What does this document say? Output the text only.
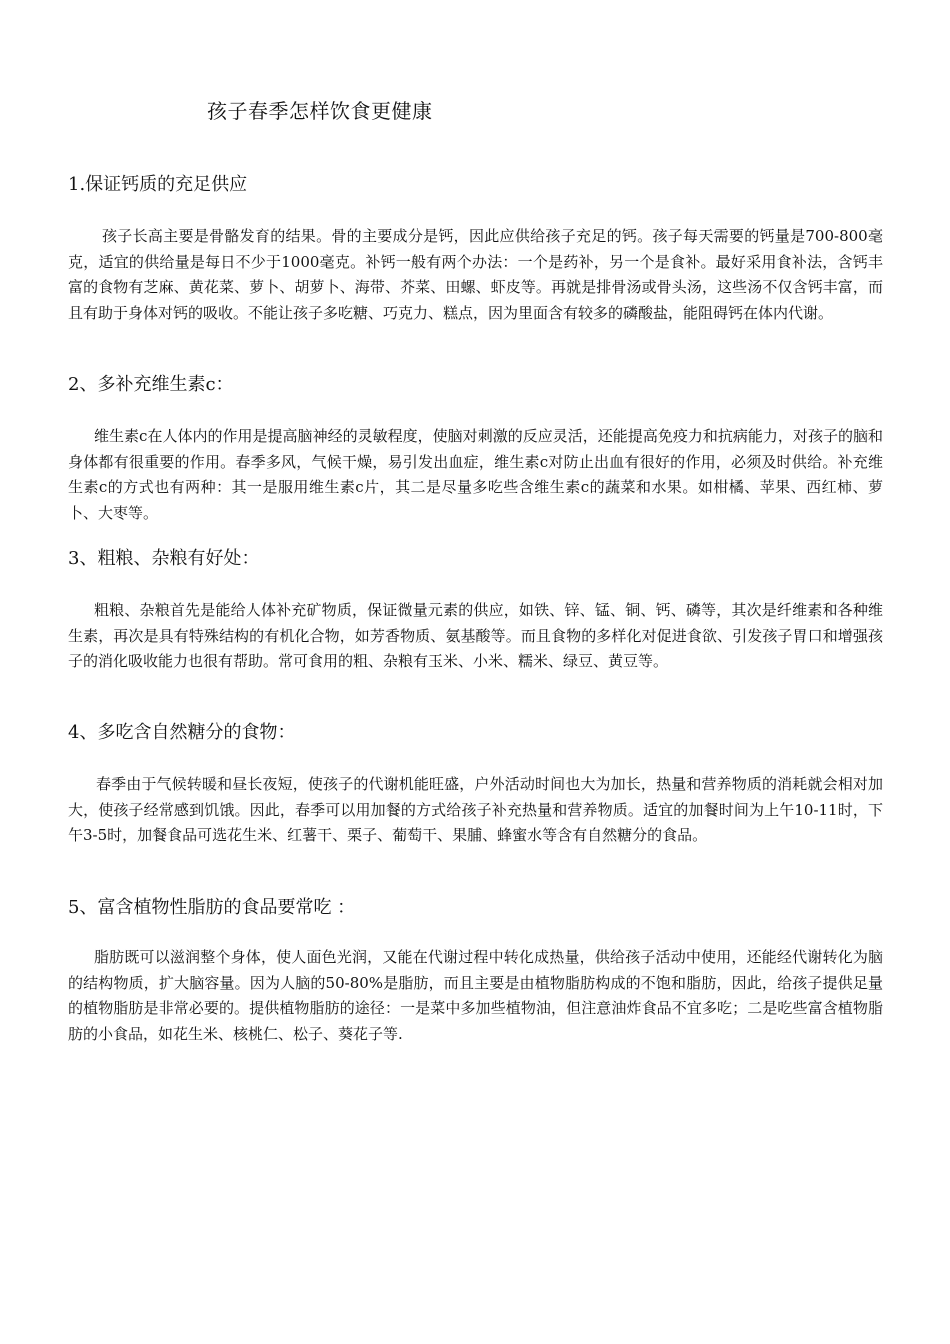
孩子春季怎样饮食更健康
1.保证钙质的充足供应

孩子长高主要是骨骼发育的结果。骨的主要成分是钙，因此应供给孩子充足的钙。孩子每天需要的钙量是700-800毫克，适宜的供给量是每日不少于1000毫克。补钙一般有两个办法：一个是药补，另一个是食补。最好采用食补法，含钙丰富的食物有芝麻、黄花菜、萝卜、胡萝卜、海带、芥菜、田螺、虾皮等。再就是排骨汤或骨头汤，这些汤不仅含钙丰富，而且有助于身体对钙的吸收。不能让孩子多吃糖、巧克力、糕点，因为里面含有较多的磷酸盐，能阻碍钙在体内代谢。

2、多补充维生素c：

维生素c在人体内的作用是提高脑神经的灵敏程度，使脑对刺激的反应灵活，还能提高免疫力和抗病能力，对孩子的脑和身体都有很重要的作用。春季多风，气候干燥，易引发出血症，维生素c对防止出血有很好的作用，必须及时供给。补充维生素c的方式也有两种：其一是服用维生素c片，其二是尽量多吃些含维生素c的蔬菜和水果。如柑橘、苹果、西红柿、萝卜、大枣等。

3、粗粮、杂粮有好处：

粗粮、杂粮首先是能给人体补充矿物质，保证微量元素的供应，如铁、锌、锰、铜、钙、磷等，其次是纤维素和各种维生素，再次是具有特殊结构的有机化合物，如芳香物质、氨基酸等。而且食物的多样化对促进食欲、引发孩子胃口和增强孩子的消化吸收能力也很有帮助。常可食用的粗、杂粮有玉米、小米、糯米、绿豆、黄豆等。

4、多吃含自然糖分的食物：

春季由于气候转暖和昼长夜短，使孩子的代谢机能旺盛，户外活动时间也大为加长，热量和营养物质的消耗就会相对加大，使孩子经常感到饥饿。因此，春季可以用加餐的方式给孩子补充热量和营养物质。适宜的加餐时间为上午10-11时，下午3-5时，加餐食品可选花生米、红薯干、栗子、葡萄干、果脯、蜂蜜水等含有自然糖分的食品。

5、富含植物性脂肪的食品要常吃 ：

脂肪既可以滋润整个身体，使人面色光润，又能在代谢过程中转化成热量，供给孩子活动中使用，还能经代谢转化为脑的结构物质，扩大脑容量。因为人脑的50-80%是脂肪，而且主要是由植物脂肪构成的不饱和脂肪，因此，给孩子提供足量的植物脂肪是非常必要的。提供植物脂肪的途径：一是菜中多加些植物油，但注意油炸食品不宜多吃；二是吃些富含植物脂肪的小食品，如花生米、核桃仁、松子、葵花子等.
